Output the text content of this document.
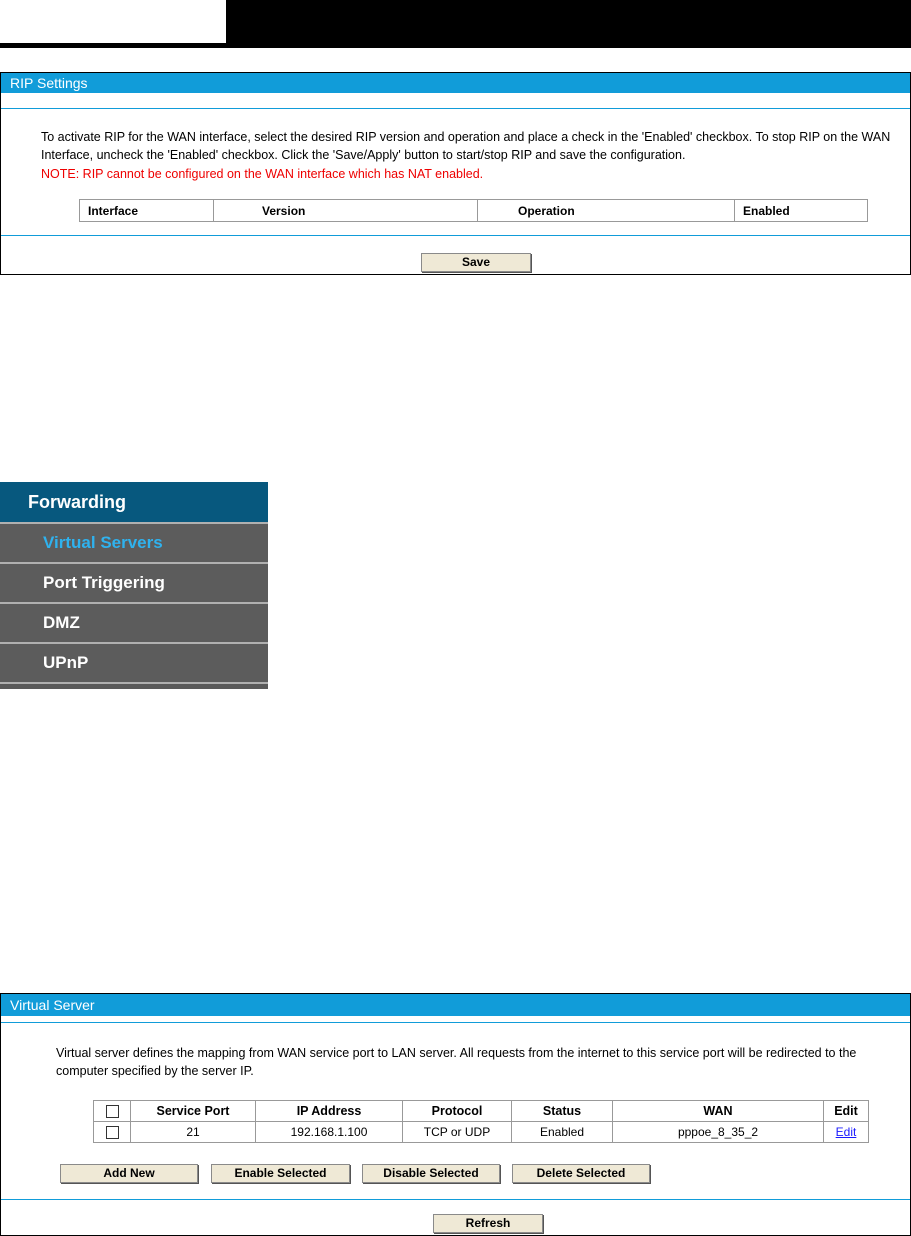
RIP Settings
To activate RIP for the WAN interface, select the desired RIP version and operation and place a check in the 'Enabled' checkbox. To stop RIP on the WAN Interface, uncheck the 'Enabled' checkbox. Click the 'Save/Apply' button to start/stop RIP and save the configuration.
NOTE: RIP cannot be configured on the WAN interface which has NAT enabled.
Interface	Version	Operation	Enabled
Save
Forwarding
Virtual Servers
Port Triggering
DMZ
UPnP
Virtual Server
Virtual server defines the mapping from WAN service port to LAN server. All requests from the internet to this service port will be redirected to the computer specified by the server IP.
	Service Port	IP Address	Protocol	Status	WAN	Edit
	21	192.168.1.100	TCP or UDP	Enabled	pppoe_8_35_2	Edit
Add New	Enable Selected	Disable Selected	Delete Selected
Refresh
